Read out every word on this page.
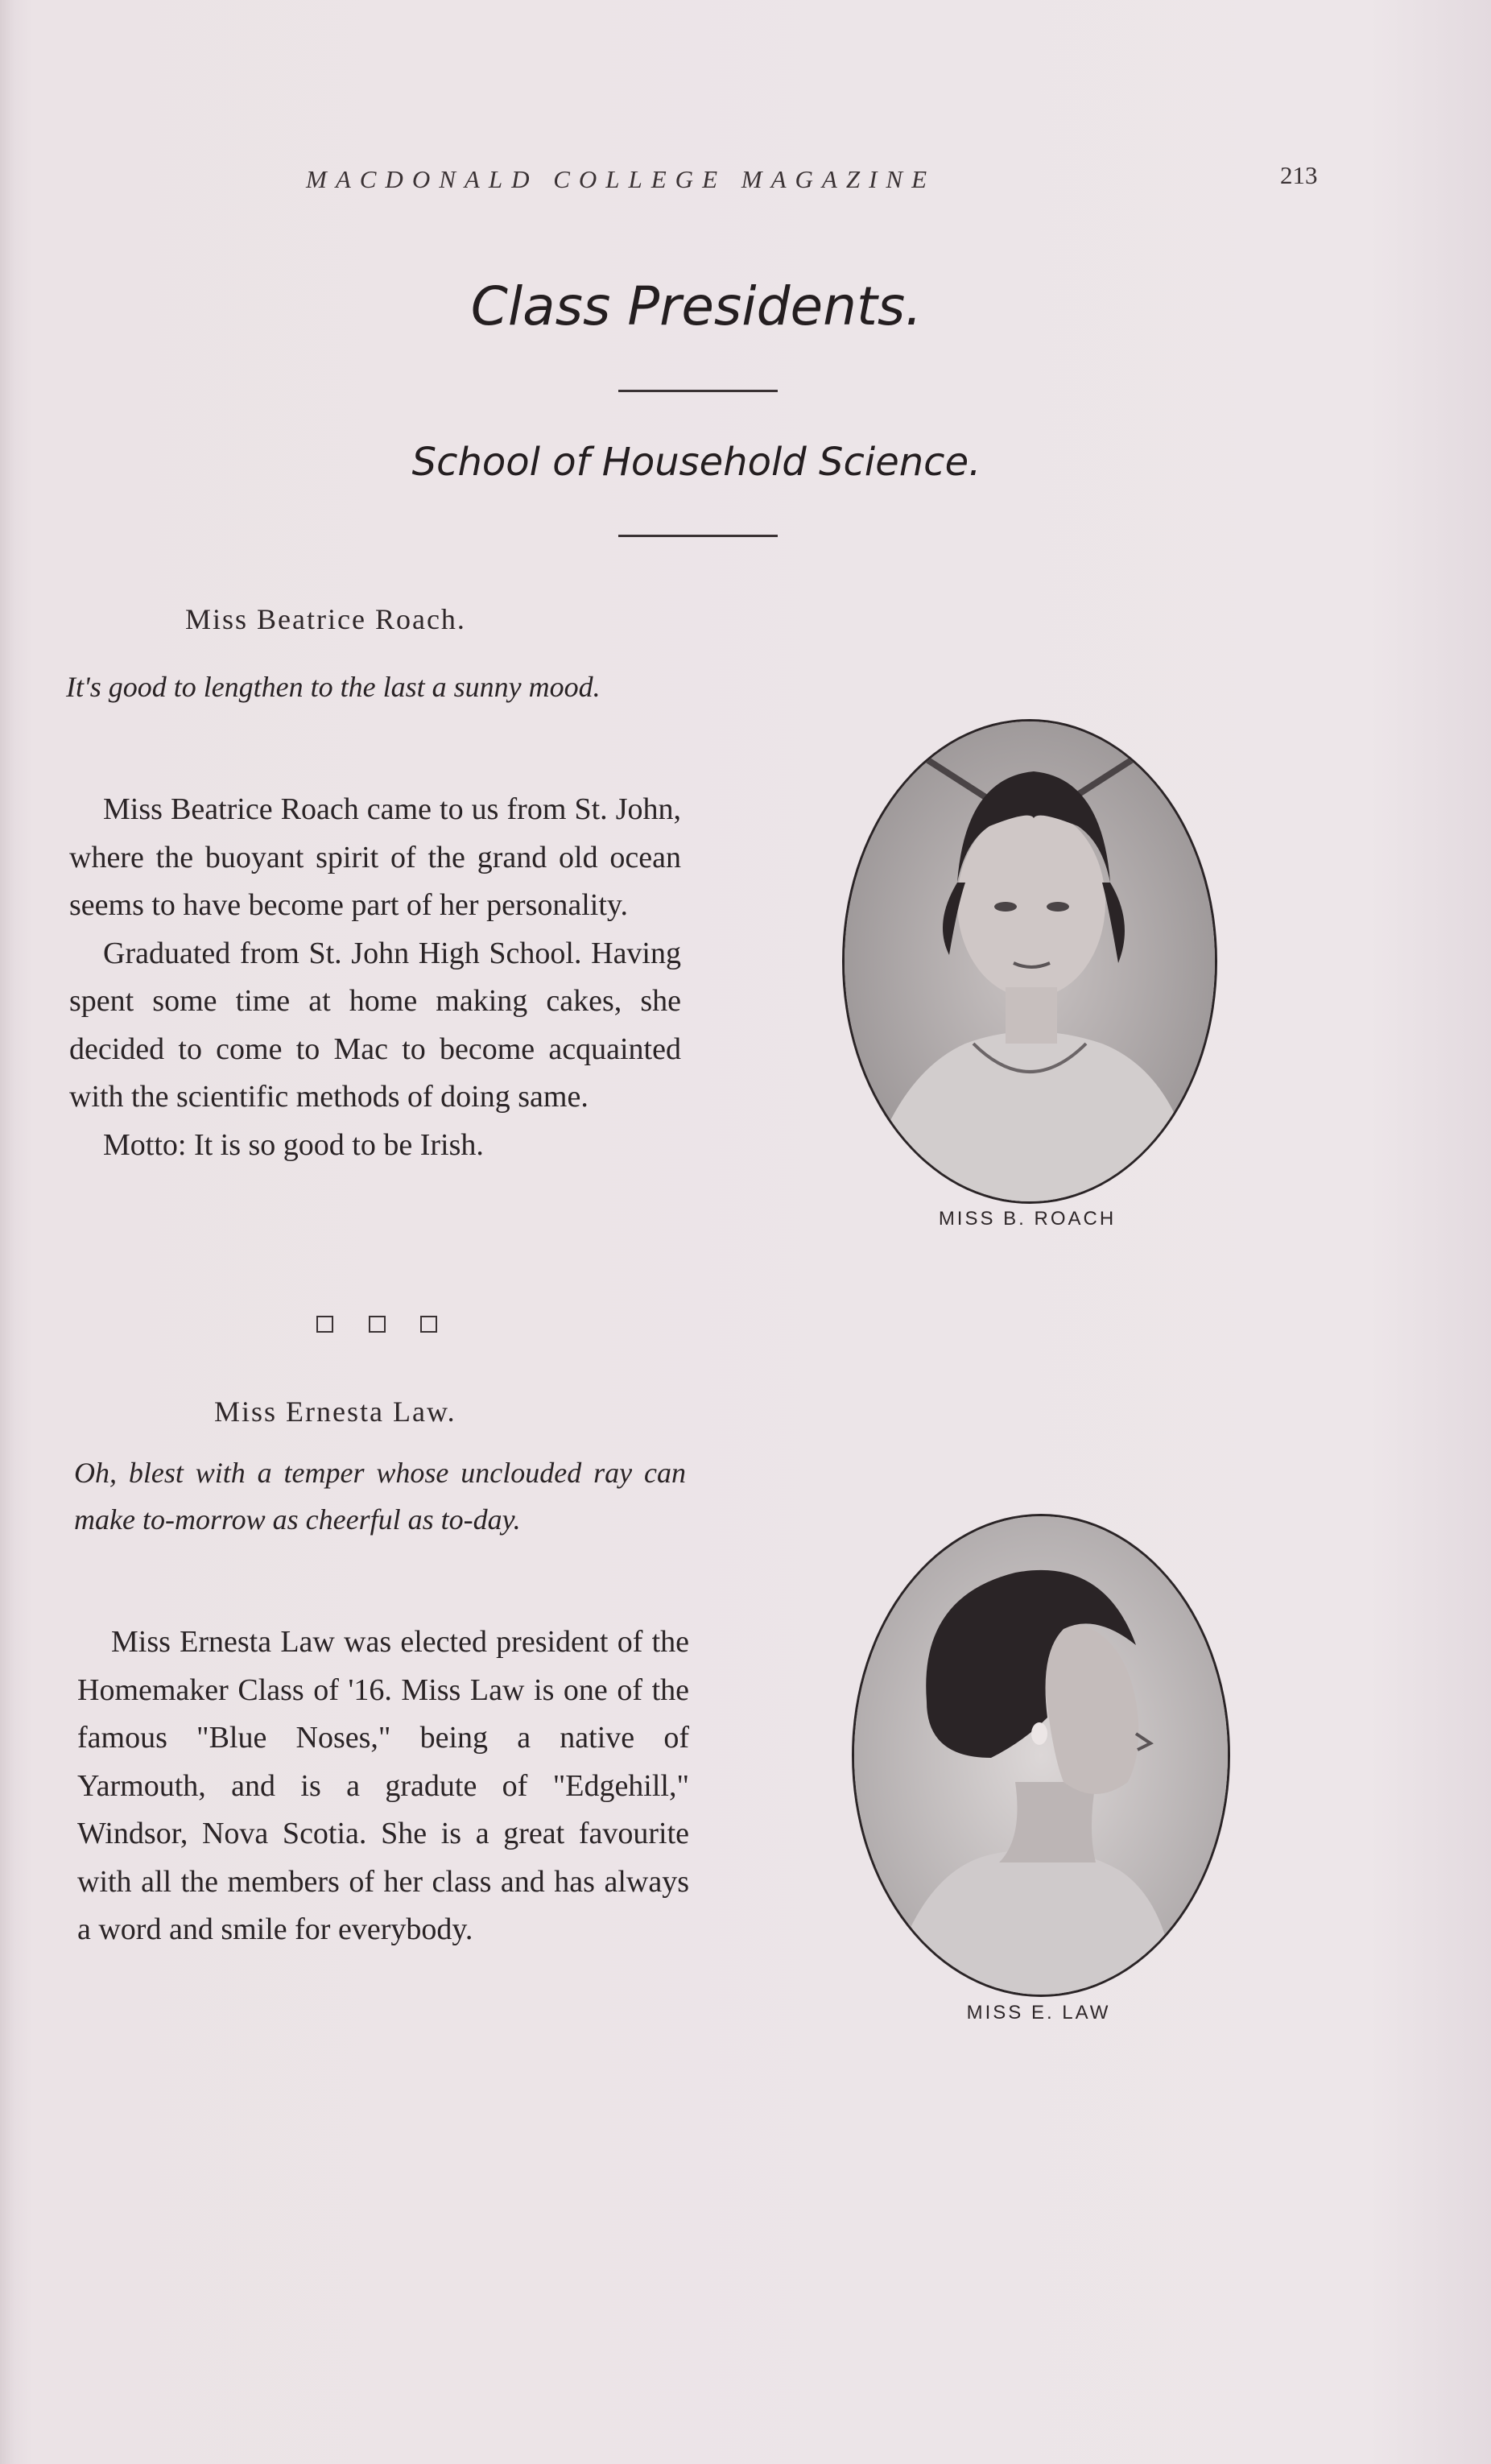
MACDONALD COLLEGE MAGAZINE	213
Class Presidents.
School of Household Science.
Miss Beatrice Roach.
It's good to lengthen to the last a sunny mood.

Miss Beatrice Roach came to us from St. John, where the buoyant spirit of the grand old ocean seems to have become part of her personality.

Graduated from St. John High School. Having spent some time at home making cakes, she decided to come to Mac to become acquainted with the scientific methods of doing same.

Motto: It is so good to be Irish.

MISS B. ROACH
Miss Ernesta Law.
Oh, blest with a temper whose unclouded ray can make to-morrow as cheerful as to-day.

Miss Ernesta Law was elected president of the Homemaker Class of '16. Miss Law is one of the famous "Blue Noses," being a native of Yarmouth, and is a gradute of "Edgehill," Windsor, Nova Scotia. She is a great favourite with all the members of her class and has always a word and smile for everybody.

MISS E. LAW
